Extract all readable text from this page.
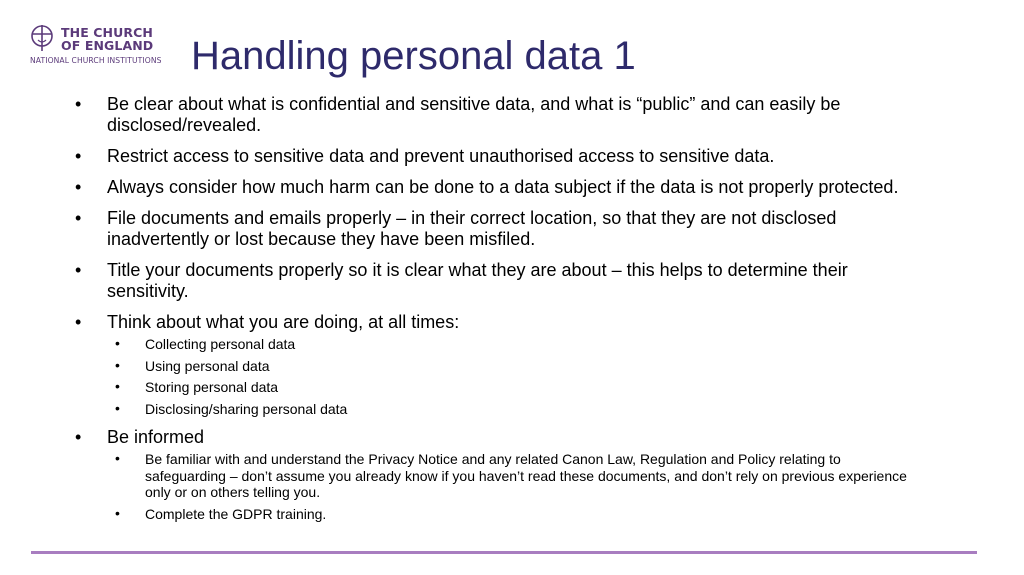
THE CHURCH
OF ENGLAND
NATIONAL CHURCH INSTITUTIONS Handling personal data 1
• Be clear about what is confidential and sensitive data, and what is “public” and can easily be disclosed/revealed.
• Restrict access to sensitive data and prevent unauthorised access to sensitive data.
• Always consider how much harm can be done to a data subject if the data is not properly protected.
• File documents and emails properly – in their correct location, so that they are not disclosed inadvertently or lost because they have been misfiled.
• Title your documents properly so it is clear what they are about – this helps to determine their sensitivity.
• Think about what you are doing, at all times:
• Collecting personal data
• Using personal data
• Storing personal data
• Disclosing/sharing personal data
• Be informed
• Be familiar with and understand the Privacy Notice and any related Canon Law, Regulation and Policy relating to safeguarding – don’t assume you already know if you haven’t read these documents, and don’t rely on previous experience only or on others telling you.
• Complete the GDPR training.
